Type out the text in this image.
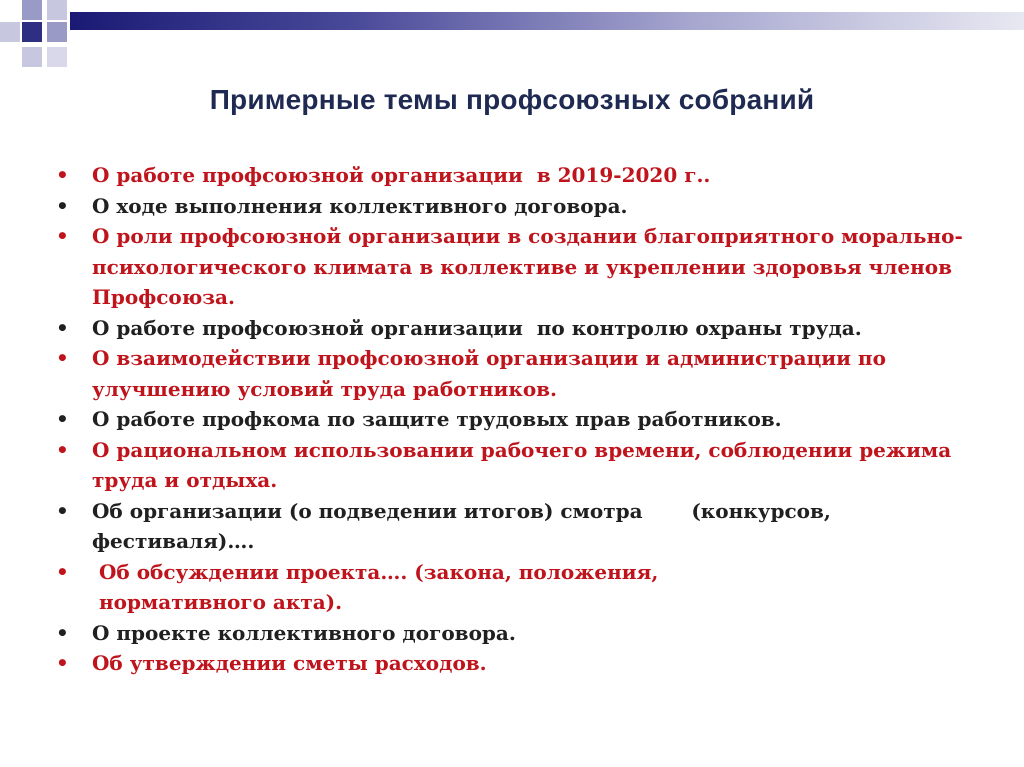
Примерные темы профсоюзных собраний
•	О работе профсоюзной организации  в 2019-2020 г..
•	О ходе выполнения коллективного договора.
•	О роли профсоюзной организации в создании благоприятного морально-психологического климата в коллективе и укреплении здоровья членов Профсоюза.
•	О работе профсоюзной организации  по контролю охраны труда.
•	О взаимодействии профсоюзной организации и администрации по улучшению условий труда работников.
•	О работе профкома по защите трудовых прав работников.
•	О рациональном использовании рабочего времени, соблюдении режима труда и отдыха.
•	Об организации (о подведении итогов) смотра       (конкурсов, фестиваля)….
•	Об обсуждении проекта…. (закона, положения,
нормативного акта).
•	О проекте коллективного договора.
•	Об утверждении сметы расходов.
